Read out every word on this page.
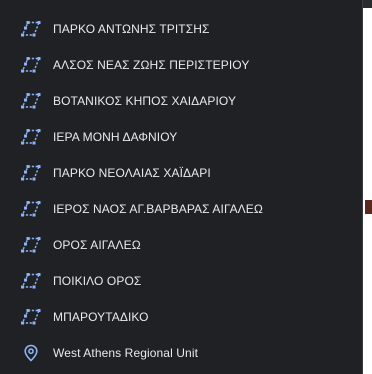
ΠΑΡΚΟ ΑΝΤΩΝΗΣ ΤΡΙΤΣΗΣ
ΑΛΣΟΣ ΝΕΑΣ ΖΩΗΣ ΠΕΡΙΣΤΕΡΙΟΥ
ΒΟΤΑΝΙΚΟΣ ΚΗΠΟΣ ΧΑΙΔΑΡΙΟΥ
ΙΕΡΑ ΜΟΝΗ ΔΑΦΝΙΟΥ
ΠΑΡΚΟ ΝΕΟΛΑΙΑΣ ΧΑΪΔΑΡΙ
ΙΕΡΟΣ ΝΑΟΣ ΑΓ.ΒΑΡΒΑΡΑΣ ΑΙΓΑΛΕΩ
ΟΡΟΣ ΑΙΓΑΛΕΩ
ΠΟΙΚΙΛΟ ΟΡΟΣ
ΜΠΑΡΟΥΤΑΔΙΚΟ
West Athens Regional Unit
